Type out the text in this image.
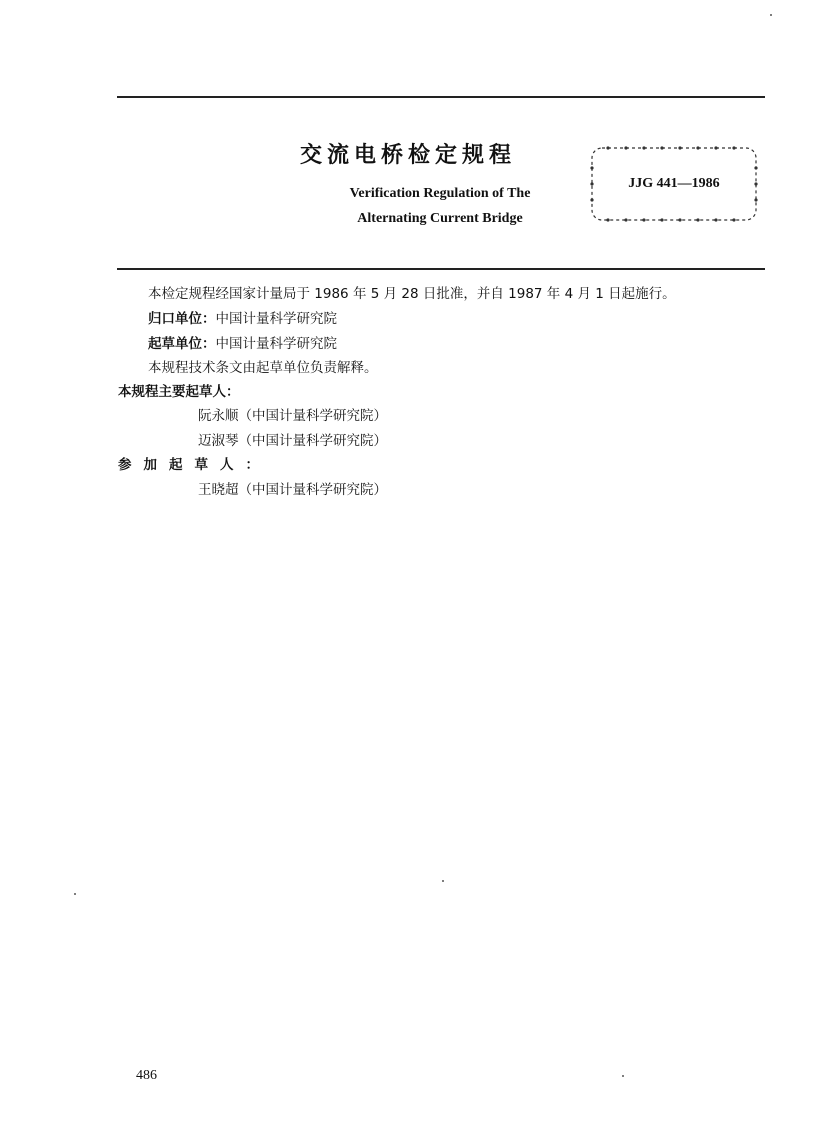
交流电桥检定规程
Verification Regulation of The
Alternating Current Bridge
JJG 441—1986
本检定规程经国家计量局于 1986 年 5 月 28 日批准，并自 1987 年 4 月 1 日起施行。
归口单位：中国计量科学研究院
起草单位：中国计量科学研究院
本规程技术条文由起草单位负责解释。
本规程主要起草人：
阮永顺（中国计量科学研究院）
迈淑琴（中国计量科学研究院）
参加起草人：
王晓超（中国计量科学研究院）
486
